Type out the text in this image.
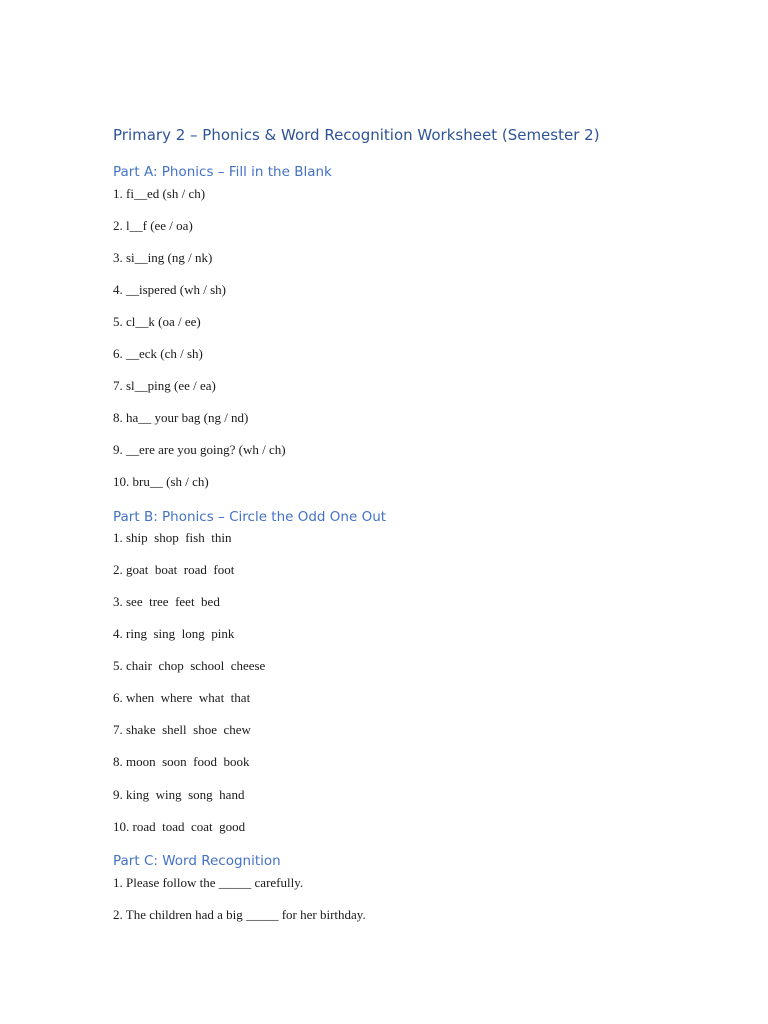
Primary 2 – Phonics & Word Recognition Worksheet (Semester 2)
Part A: Phonics – Fill in the Blank

1. fi__ed (sh / ch)

2. l__f (ee / oa)

3. si__ing (ng / nk)

4. __ispered (wh / sh)

5. cl__k (oa / ee)

6. __eck (ch / sh)

7. sl__ping (ee / ea)

8. ha__ your bag (ng / nd)

9. __ere are you going? (wh / ch)

10. bru__ (sh / ch)

Part B: Phonics – Circle the Odd One Out

1. ship  shop  fish  thin

2. goat  boat  road  foot

3. see  tree  feet  bed

4. ring  sing  long  pink

5. chair  chop  school  cheese

6. when  where  what  that

7. shake  shell  shoe  chew

8. moon  soon  food  book

9. king  wing  song  hand

10. road  toad  coat  good

Part C: Word Recognition

1. Please follow the _____ carefully.

2. The children had a big _____ for her birthday.
